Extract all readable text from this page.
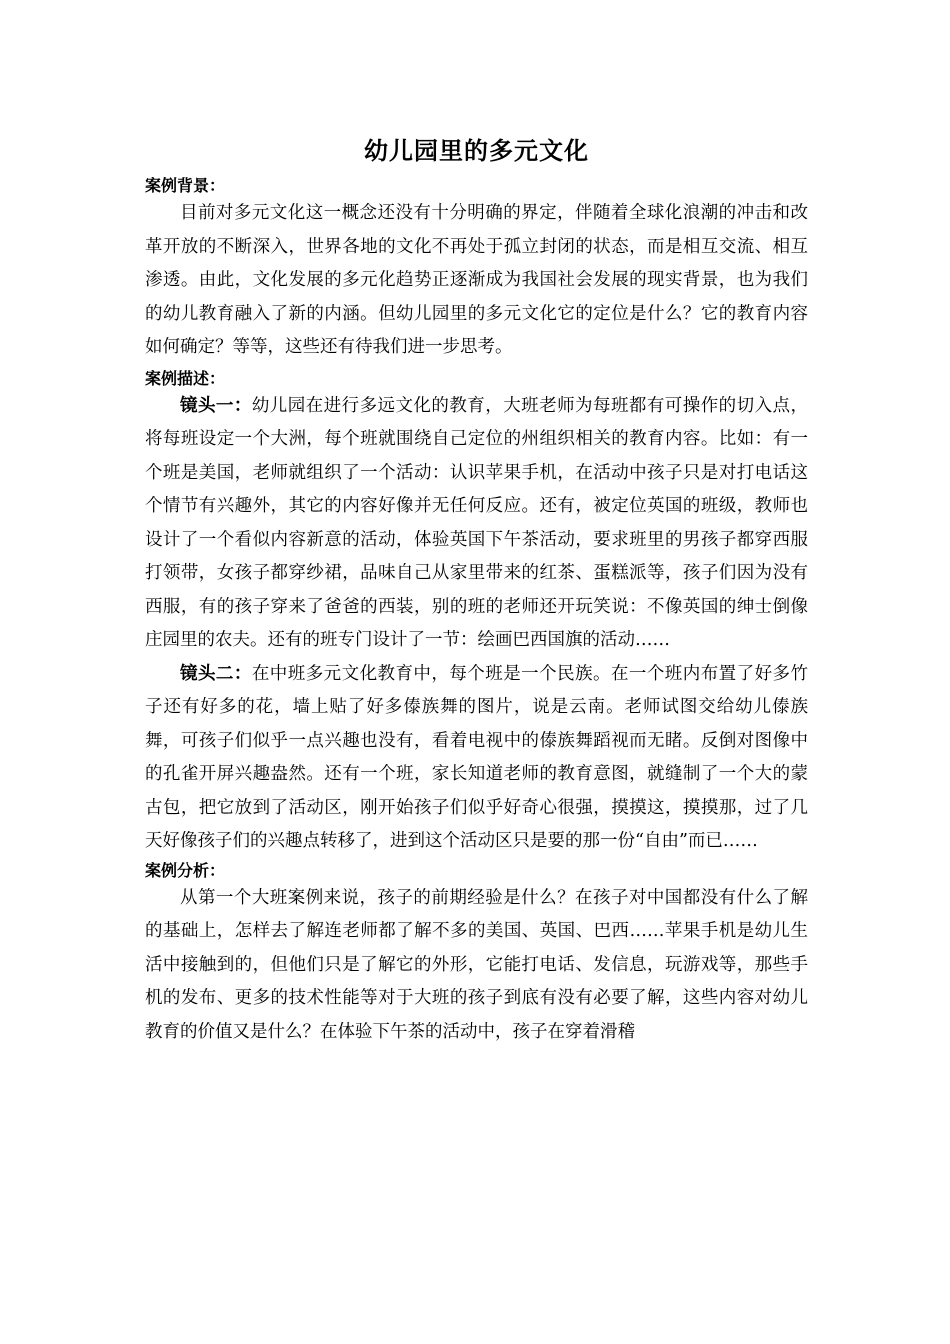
幼儿园里的多元文化
案例背景：

目前对多元文化这一概念还没有十分明确的界定，伴随着全球化浪潮的冲击和改革开放的不断深入，世界各地的文化不再处于孤立封闭的状态，而是相互交流、相互渗透。由此，文化发展的多元化趋势正逐渐成为我国社会发展的现实背景，也为我们的幼儿教育融入了新的内涵。但幼儿园里的多元文化它的定位是什么？它的教育内容如何确定？等等，这些还有待我们进一步思考。

案例描述：

镜头一：幼儿园在进行多远文化的教育，大班老师为每班都有可操作的切入点，将每班设定一个大洲，每个班就围绕自己定位的州组织相关的教育内容。比如：有一个班是美国，老师就组织了一个活动：认识苹果手机，在活动中孩子只是对打电话这个情节有兴趣外，其它的内容好像并无任何反应。还有，被定位英国的班级，教师也设计了一个看似内容新意的活动，体验英国下午茶活动，要求班里的男孩子都穿西服打领带，女孩子都穿纱裙，品味自己从家里带来的红茶、蛋糕派等，孩子们因为没有西服，有的孩子穿来了爸爸的西装，别的班的老师还开玩笑说：不像英国的绅士倒像庄园里的农夫。还有的班专门设计了一节：绘画巴西国旗的活动……

镜头二：在中班多元文化教育中，每个班是一个民族。在一个班内布置了好多竹子还有好多的花，墙上贴了好多傣族舞的图片，说是云南。老师试图交给幼儿傣族舞，可孩子们似乎一点兴趣也没有，看着电视中的傣族舞蹈视而无睹。反倒对图像中的孔雀开屏兴趣盎然。还有一个班，家长知道老师的教育意图，就缝制了一个大的蒙古包，把它放到了活动区，刚开始孩子们似乎好奇心很强，摸摸这，摸摸那，过了几天好像孩子们的兴趣点转移了，进到这个活动区只是要的那一份“自由”而已……

案例分析：

从第一个大班案例来说，孩子的前期经验是什么？在孩子对中国都没有什么了解的基础上，怎样去了解连老师都了解不多的美国、英国、巴西……苹果手机是幼儿生活中接触到的，但他们只是了解它的外形，它能打电话、发信息，玩游戏等，那些手机的发布、更多的技术性能等对于大班的孩子到底有没有必要了解，这些内容对幼儿教育的价值又是什么？在体验下午茶的活动中，孩子在穿着滑稽
